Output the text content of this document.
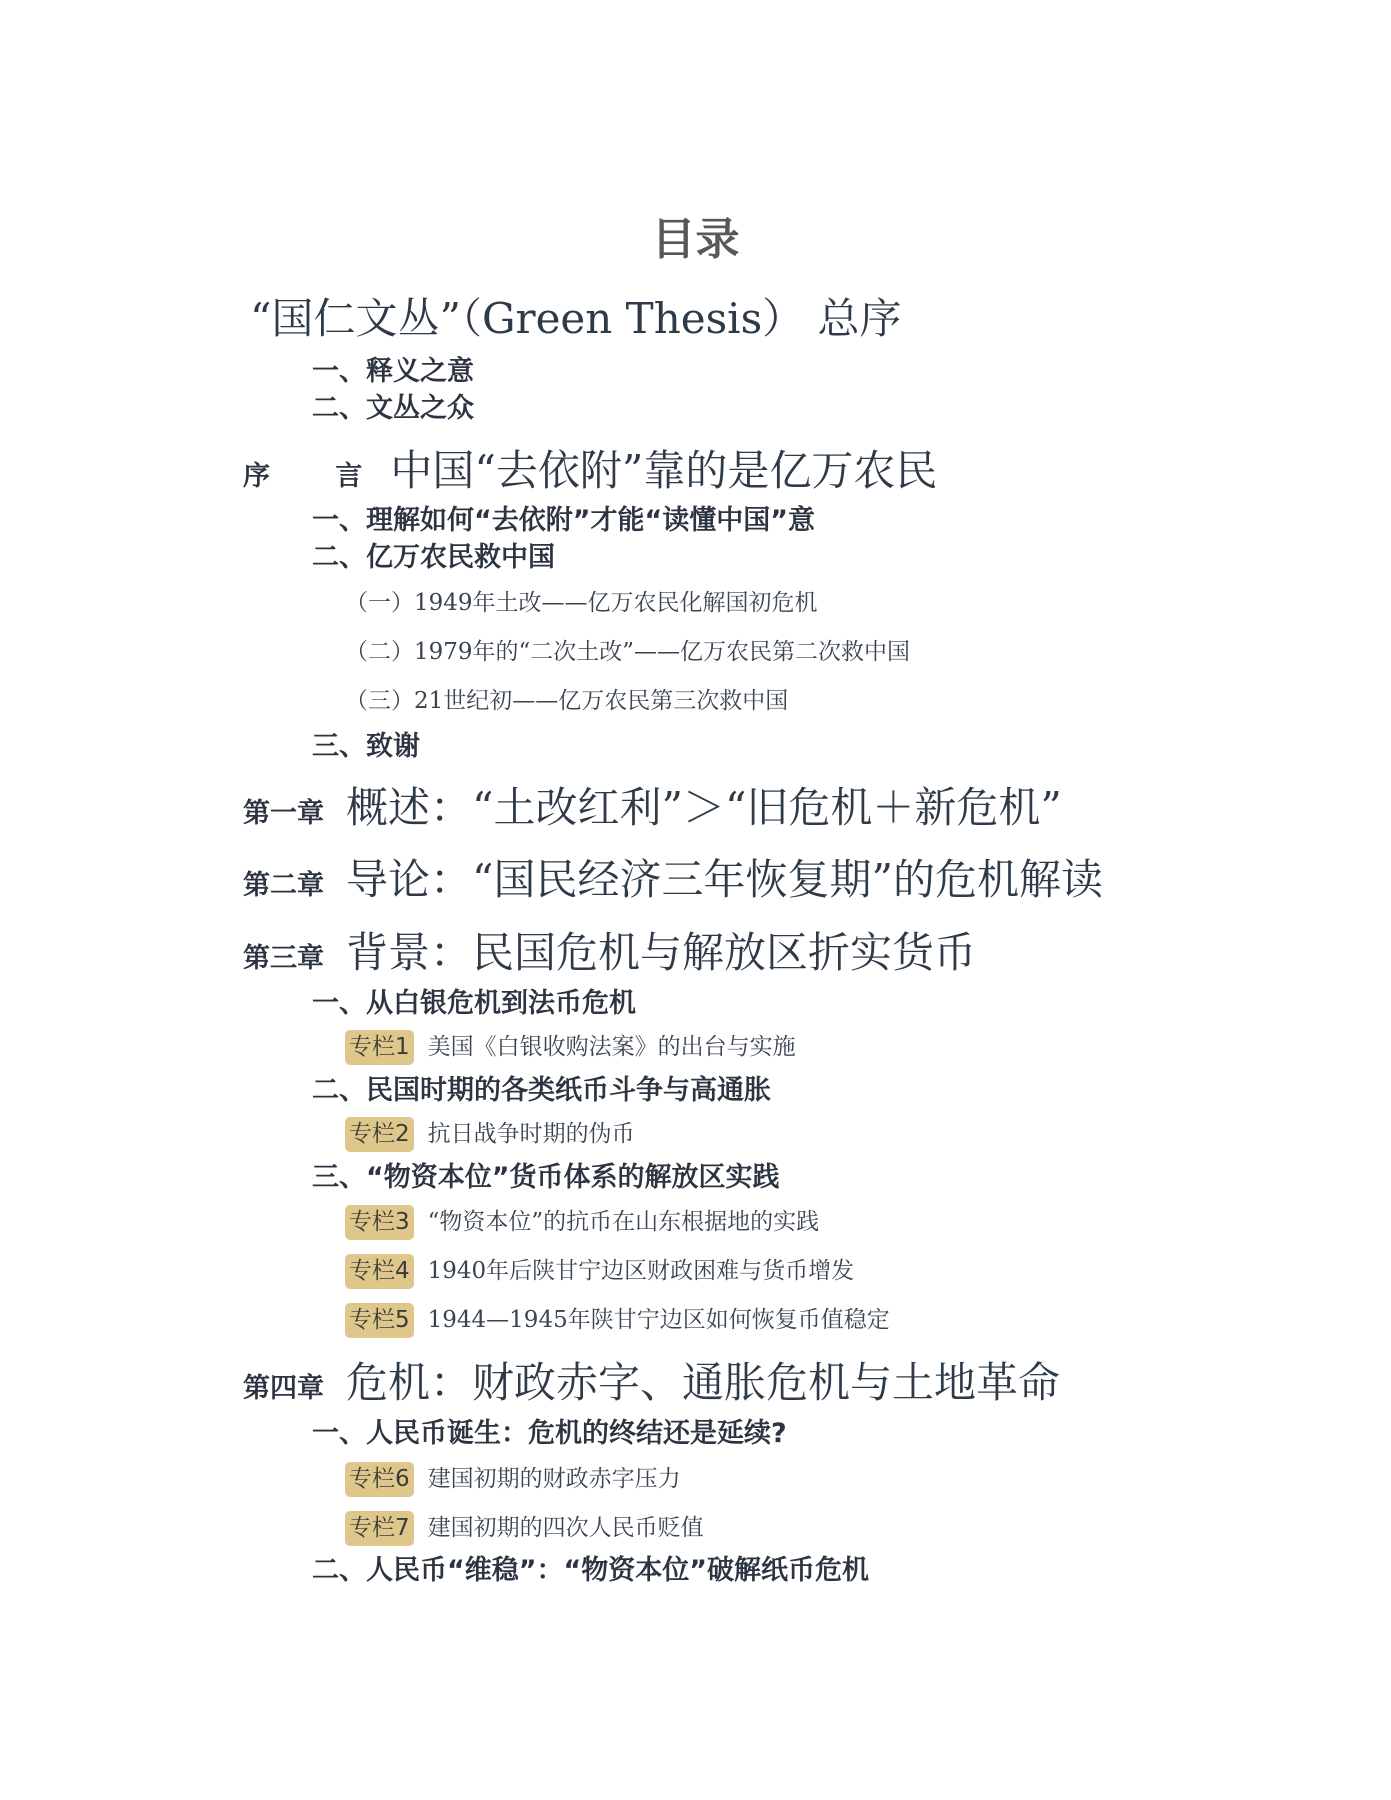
目录
“国仁文丛”（Green Thesis） 总序
一、释义之意
二、文丛之众
序 言中国“去依附”靠的是亿万农民
一、理解如何“去依附”才能“读懂中国”意
二、亿万农民救中国
（一）1949年土改——亿万农民化解国初危机
（二）1979年的“二次土改”——亿万农民第二次救中国
（三）21世纪初——亿万农民第三次救中国
三、致谢
第一章 概述：“土改红利”＞“旧危机＋新危机”
第二章 导论：“国民经济三年恢复期”的危机解读
第三章 背景：民国危机与解放区折实货币
一、从白银危机到法币危机
专栏1 美国《白银收购法案》的出台与实施
二、民国时期的各类纸币斗争与高通胀
专栏2 抗日战争时期的伪币
三、“物资本位”货币体系的解放区实践
专栏3 “物资本位”的抗币在山东根据地的实践
专栏4 1940年后陕甘宁边区财政困难与货币增发
专栏5 1944—1945年陕甘宁边区如何恢复币值稳定
第四章 危机：财政赤字、通胀危机与土地革命
一、人民币诞生：危机的终结还是延续?
专栏6 建国初期的财政赤字压力
专栏7 建国初期的四次人民币贬值
二、人民币“维稳”：“物资本位”破解纸币危机
